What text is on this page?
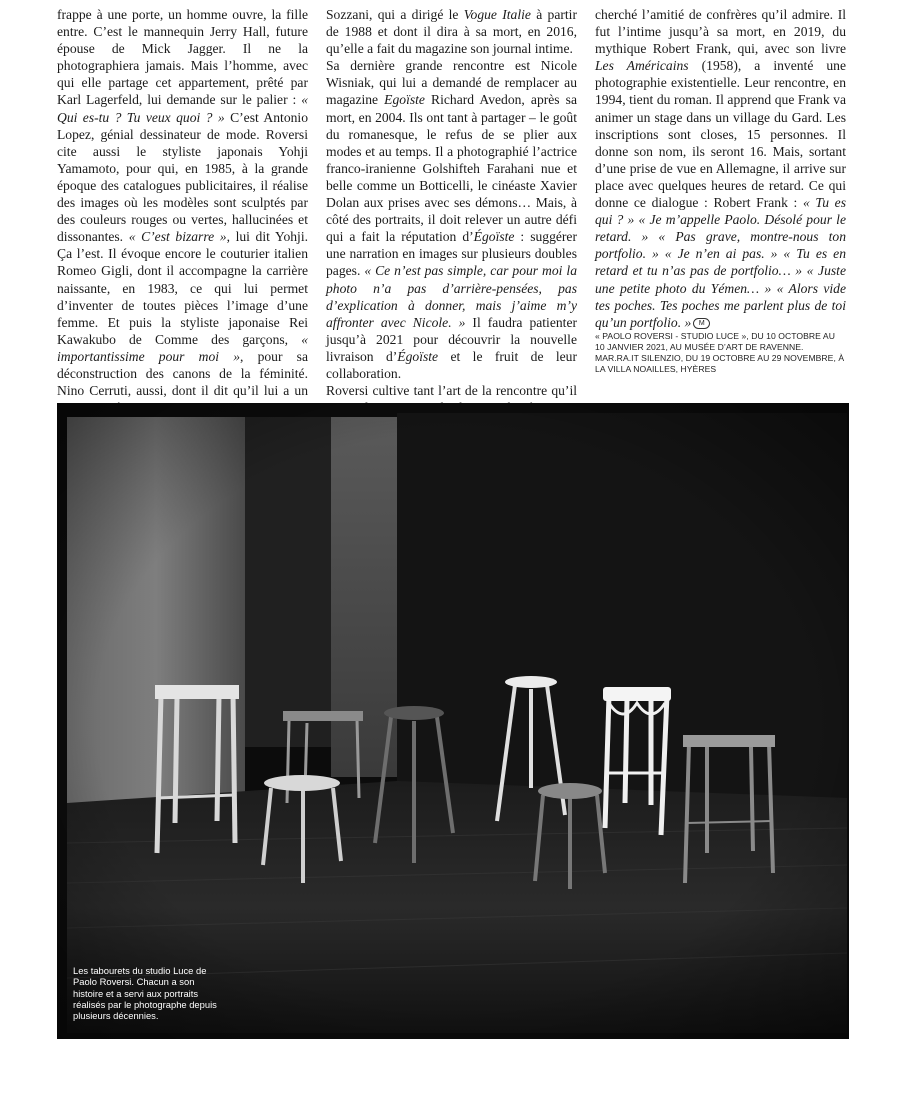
frappe à une porte, un homme ouvre, la fille entre. C’est le mannequin Jerry Hall, future épouse de Mick Jagger. Il ne la photographiera jamais. Mais l’homme, avec qui elle partage cet appartement, prêté par Karl Lagerfeld, lui demande sur le palier : « Qui es-tu ? Tu veux quoi ? » C’est Antonio Lopez, génial dessinateur de mode. Roversi cite aussi le styliste japonais Yohji Yamamoto, pour qui, en 1985, à la grande époque des catalogues publicitaires, il réalise des images où les modèles sont sculptés par des couleurs rouges ou vertes, hallucinées et dissonantes. « C’est bizarre », lui dit Yohji. Ça l’est. Il évoque encore le couturier italien Romeo Gigli, dont il accompagne la carrière naissante, en 1983, ce qui lui permet d’inventer de toutes pièces l’image d’une femme. Et puis la styliste japonaise Rei Kawakubo de Comme des garçons, « importantissime pour moi », pour sa déconstruction des canons de la féminité. Nino Cerruti, aussi, dont il dit qu’il lui a un

Sozzani, qui a dirigé le Vogue Italie à partir de 1988 et dont il dira à sa mort, en 2016, qu’elle a fait du magazine son journal intime.

Sa dernière grande rencontre est Nicole Wisniak, qui lui a demandé de remplacer au magazine Egoïste Richard Avedon, après sa mort, en 2004. Ils ont tant à partager – le goût du romanesque, le refus de se plier aux modes et au temps. Il a photographié l’actrice franco-iranienne Golshifteh Farahani nue et belle comme un Botticelli, le cinéaste Xavier Dolan aux prises avec ses démons… Mais, à côté des portraits, il doit relever un autre défi qui a fait la réputation d’Égoïste : suggérer une narration en images sur plusieurs doubles pages. « Ce n’est pas simple, car pour moi la photo n’a pas d’arrière-pensées, pas d’explication à donner, mais j’aime m’y affronter avec Nicole. » Il faudra patienter jusqu’à 2021 pour découvrir la nouvelle livraison d’Égoïste et le fruit de leur collaboration.

Roversi cultive tant l’art de la rencontre qu’il

cherché l’amitié de confrères qu’il admire. Il fut l’intime jusqu’à sa mort, en 2019, du mythique Robert Frank, qui, avec son livre Les Américains (1958), a inventé une photographie existentielle. Leur rencontre, en 1994, tient du roman. Il apprend que Frank va animer un stage dans un village du Gard. Les inscriptions sont closes, 15 personnes. Il donne son nom, ils seront 16. Mais, sortant d’une prise de vue en Allemagne, il arrive sur place avec quelques heures de retard. Ce qui donne ce dialogue : Robert Frank : « Tu es qui ? » « Je m’appelle Paolo. Désolé pour le retard. » « Pas grave, montre-nous ton portfolio. » « Je n’en ai pas. » « Tu es en retard et tu n’as pas de portfolio… » « Juste une petite photo du Yémen… » « Alors vide tes poches. Tes poches me parlent plus de toi qu’un portfolio. » M

« PAOLO ROVERSI - STUDIO LUCE », DU 10 OCTOBRE AU 10 JANVIER 2021, AU MUSÉE D’ART DE RAVENNE. MAR.RA.IT SILENZIO, DU 19 OCTOBRE AU 29 NOVEMBRE, À LA VILLA NOAILLES, HYÈRES

Les tabourets du studio Luce de Paolo Roversi. Chacun a son histoire et a servi aux portraits réalisés par le photographe depuis plusieurs décennies.
